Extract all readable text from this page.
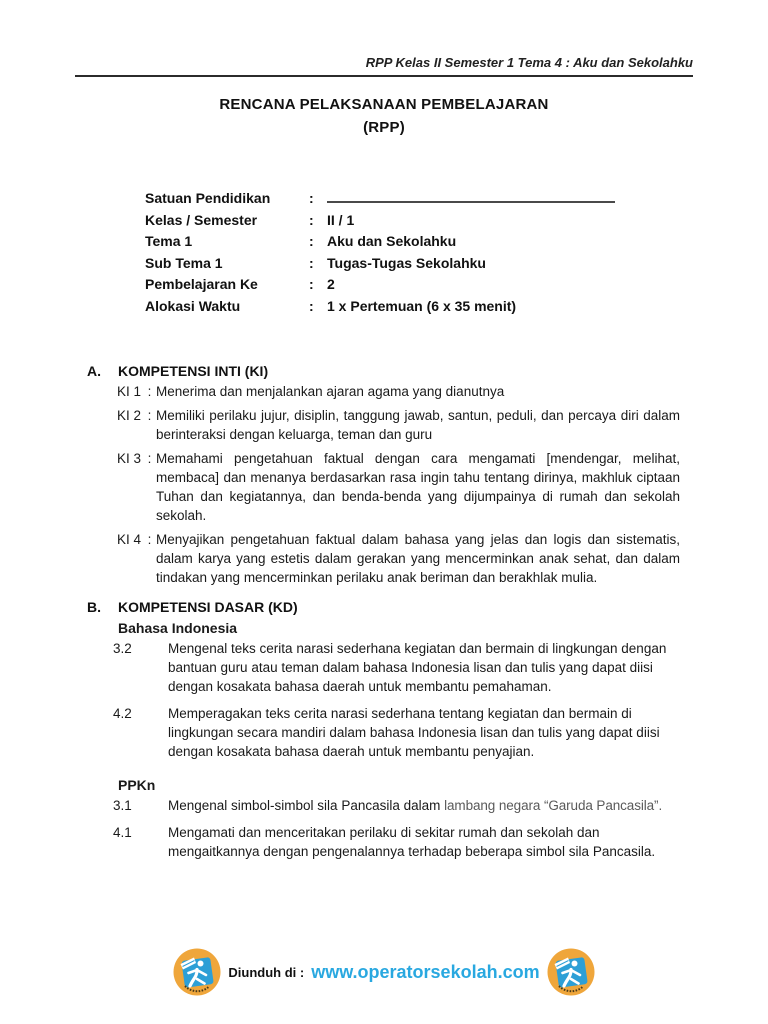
RPP Kelas II Semester 1 Tema 4 : Aku dan Sekolahku
RENCANA PELAKSANAAN PEMBELAJARAN
(RPP)
Satuan Pendidikan	:
Kelas / Semester	: II / 1
Tema 1	: Aku dan Sekolahku
Sub Tema 1	: Tugas-Tugas Sekolahku
Pembelajaran Ke	: 2
Alokasi Waktu	: 1 x Pertemuan (6 x 35 menit)
A.	KOMPETENSI INTI (KI)
KI 1 : Menerima dan menjalankan ajaran agama yang dianutnya
KI 2 : Memiliki perilaku jujur, disiplin, tanggung jawab, santun, peduli, dan percaya diri dalam berinteraksi dengan keluarga, teman dan guru
KI 3 : Memahami pengetahuan faktual dengan cara mengamati [mendengar, melihat, membaca] dan menanya berdasarkan rasa ingin tahu tentang dirinya, makhluk ciptaan Tuhan dan kegiatannya, dan benda-benda yang dijumpainya di rumah dan sekolah sekolah.
KI 4 : Menyajikan pengetahuan faktual dalam bahasa yang jelas dan logis dan sistematis, dalam karya yang estetis dalam gerakan yang mencerminkan anak sehat, dan dalam tindakan yang mencerminkan perilaku anak beriman dan berakhlak mulia.
B.	KOMPETENSI DASAR (KD)
Bahasa Indonesia
3.2	Mengenal teks cerita narasi sederhana kegiatan dan bermain di lingkungan dengan bantuan guru atau teman dalam bahasa Indonesia lisan dan tulis yang dapat diisi dengan kosakata bahasa daerah untuk membantu pemahaman.
4.2	Memperagakan teks cerita narasi sederhana tentang kegiatan dan bermain di lingkungan secara mandiri dalam bahasa Indonesia lisan dan tulis yang dapat diisi dengan kosakata bahasa daerah untuk membantu penyajian.
PPKn
3.1	Mengenal simbol-simbol sila Pancasila dalam lambang negara “Garuda Pancasila”.
4.1	Mengamati dan menceritakan perilaku di sekitar rumah dan sekolah dan mengaitkannya dengan pengenalannya terhadap beberapa simbol sila Pancasila.
Diunduh di : www.operatorsekolah.com
